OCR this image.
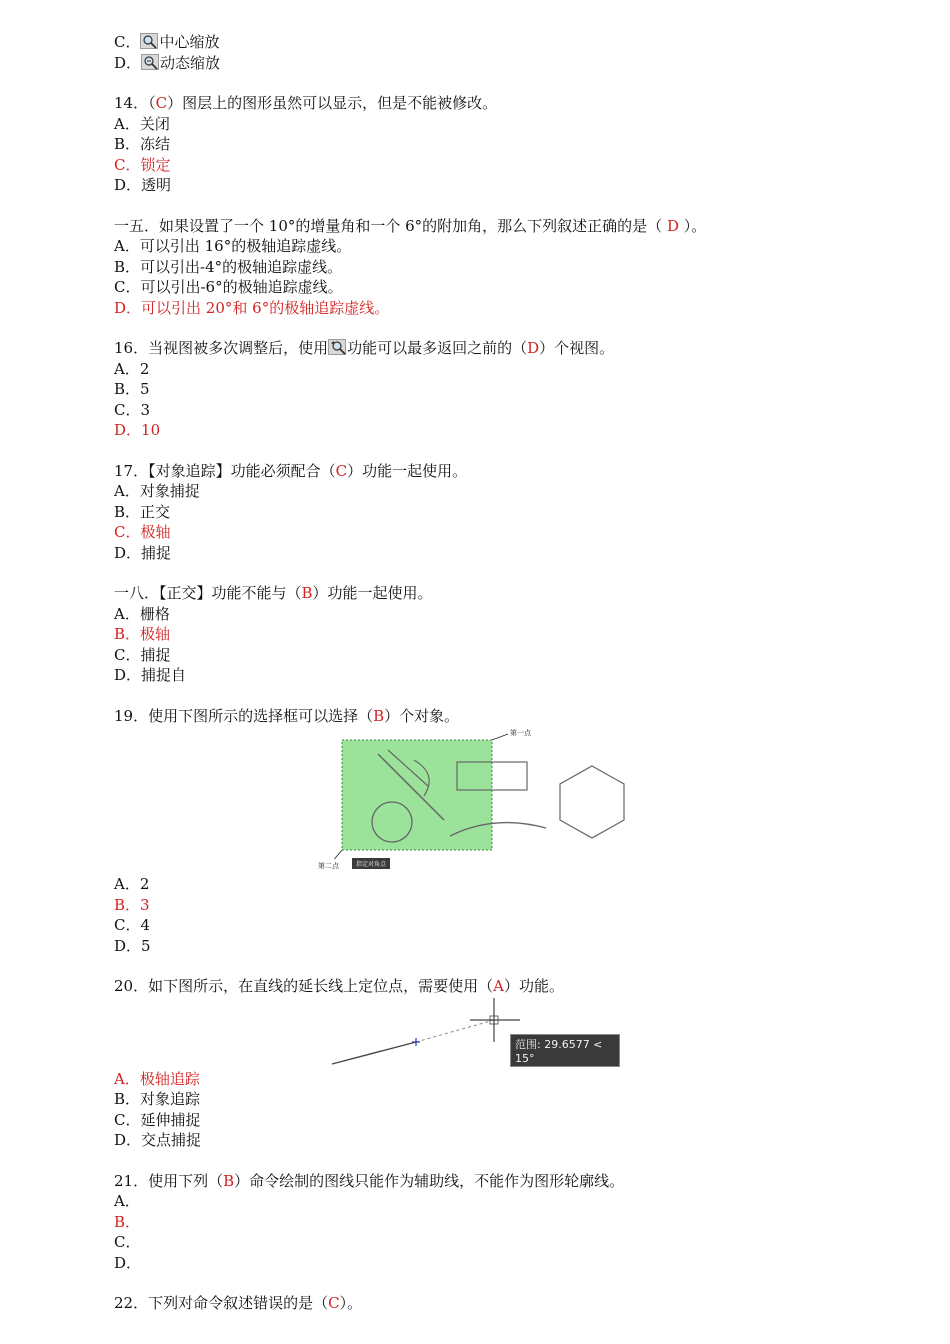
C． 中心缩放
D． 动态缩放
14．（C）图层上的图形虽然可以显示，但是不能被修改。
A．关闭
B．冻结
C．锁定
D．透明
一五．如果设置了一个 10°的增量角和一个 6°的附加角，那么下列叙述正确的是（ D ）。
A．可以引出 16°的极轴追踪虚线。
B．可以引出-4°的极轴追踪虚线。
C．可以引出-6°的极轴追踪虚线。
D．可以引出 20°和 6°的极轴追踪虚线。
16．当视图被多次调整后，使用 功能可以最多返回之前的（D）个视图。
A．2
B．5
C．3
D．10
17．【对象追踪】功能必须配合（C）功能一起使用。
A．对象捕捉
B．正交
C．极轴
D．捕捉
一八．【正交】功能不能与（B）功能一起使用。
A．栅格
B．极轴
C．捕捉
D．捕捉自
19．使用下图所示的选择框可以选择（B）个对象。
A．2
B．3
C．4
D．5
20．如下图所示，在直线的延长线上定位点，需要使用（A）功能。
A．极轴追踪
B．对象追踪
C．延伸捕捉
D．交点捕捉
21．使用下列（B）命令绘制的图线只能作为辅助线，不能作为图形轮廓线。
A．
B．
C．
D．
22．下列对命令叙述错误的是（C）。
第一点
第二点	指定对角点
范围: 29.6577 < 15°
